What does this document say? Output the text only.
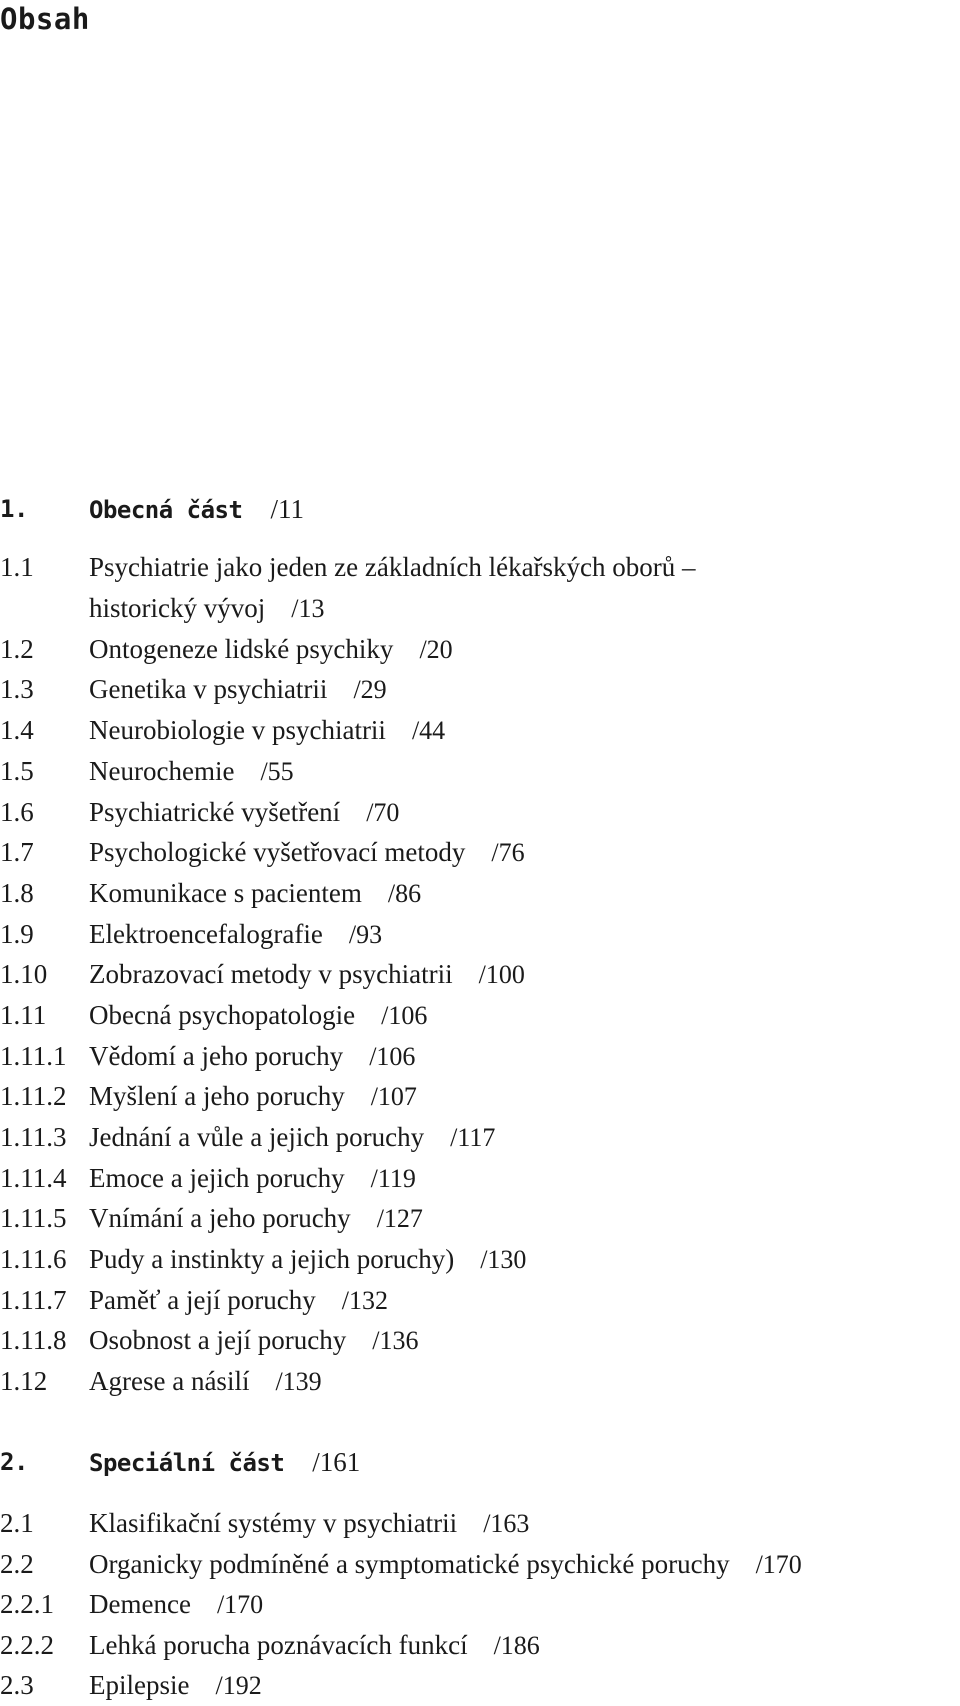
Obsah
1.	Obecná část /11
1.1 Psychiatrie jako jeden ze základních lékařských oborů –
historický vývoj /13
1.2 Ontogeneze lidské psychiky /20
1.3 Genetika v psychiatrii /29
1.4 Neurobiologie v psychiatrii /44
1.5 Neurochemie /55
1.6 Psychiatrické vyšetření /70
1.7 Psychologické vyšetřovací metody /76
1.8 Komunikace s pacientem /86
1.9 Elektroencefalografie /93
1.10 Zobrazovací metody v psychiatrii /100
1.11 Obecná psychopatologie /106
1.11.1 Vědomí a jeho poruchy /106
1.11.2 Myšlení a jeho poruchy /107
1.11.3 Jednání a vůle a jejich poruchy /117
1.11.4 Emoce a jejich poruchy /119
1.11.5 Vnímání a jeho poruchy /127
1.11.6 Pudy a instinkty a jejich poruchy) /130
1.11.7 Paměť a její poruchy /132
1.11.8 Osobnost a její poruchy /136
1.12 Agrese a násilí /139
2.	Speciální část /161
2.1 Klasifikační systémy v psychiatrii /163
2.2 Organicky podmíněné a symptomatické psychické poruchy /170
2.2.1 Demence /170
2.2.2 Lehká porucha poznávacích funkcí /186
2.3 Epilepsie /192
